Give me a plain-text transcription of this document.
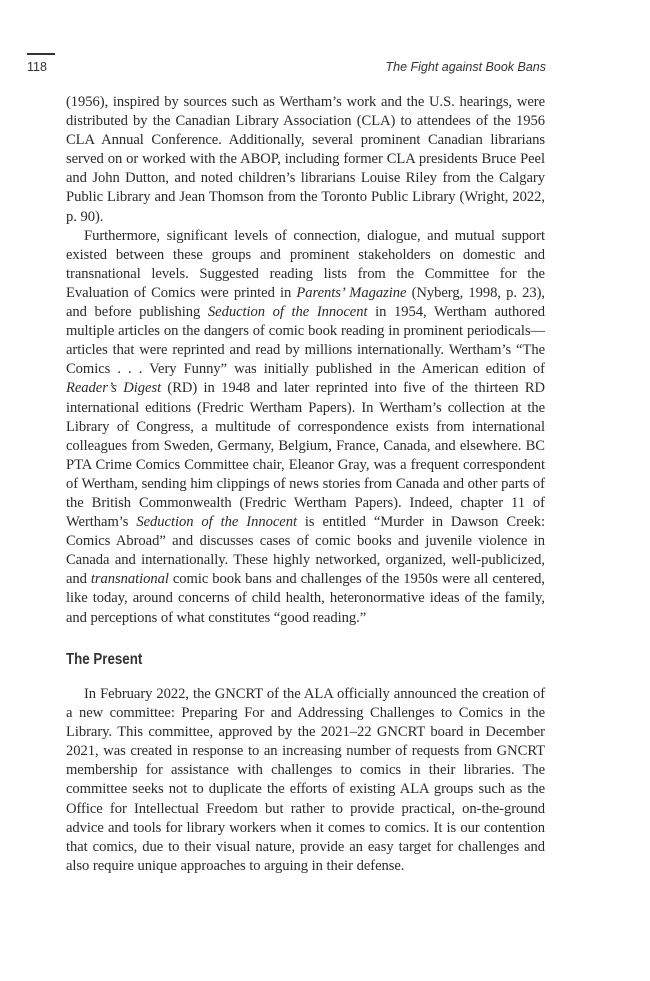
118	The Fight against Book Bans

(1956), inspired by sources such as Wertham’s work and the U.S. hearings, were distributed by the Canadian Library Association (CLA) to attendees of the 1956 CLA Annual Conference. Additionally, several prominent Canadian librarians served on or worked with the ABOP, including former CLA presidents Bruce Peel and John Dutton, and noted children’s librarians Louise Riley from the Calgary Public Library and Jean Thomson from the Toronto Public Library (Wright, 2022, p. 90).

Furthermore, significant levels of connection, dialogue, and mutual support existed between these groups and prominent stakeholders on domestic and transnational levels. Suggested reading lists from the Committee for the Evaluation of Comics were printed in Parents’ Magazine (Nyberg, 1998, p. 23), and before publishing Seduction of the Innocent in 1954, Wertham authored multiple articles on the dangers of comic book reading in prominent periodicals—articles that were reprinted and read by millions internationally. Wertham’s “The Comics . . . Very Funny” was initially published in the American edition of Reader’s Digest (RD) in 1948 and later reprinted into five of the thirteen RD international editions (Fredric Wertham Papers). In Wertham’s collection at the Library of Congress, a multitude of correspondence exists from international colleagues from Sweden, Germany, Belgium, France, Canada, and elsewhere. BC PTA Crime Comics Committee chair, Eleanor Gray, was a frequent correspondent of Wertham, sending him clippings of news stories from Canada and other parts of the British Commonwealth (Fredric Wertham Papers). Indeed, chapter 11 of Wertham’s Seduction of the Innocent is entitled “Murder in Dawson Creek: Comics Abroad” and discusses cases of comic books and juvenile violence in Canada and internationally. These highly networked, organized, well-publicized, and transnational comic book bans and challenges of the 1950s were all centered, like today, around concerns of child health, heteronormative ideas of the family, and perceptions of what constitutes “good reading.”

The Present

In February 2022, the GNCRT of the ALA officially announced the creation of a new committee: Preparing For and Addressing Challenges to Comics in the Library. This committee, approved by the 2021–22 GNCRT board in December 2021, was created in response to an increasing number of requests from GNCRT membership for assistance with challenges to comics in their libraries. The committee seeks not to duplicate the efforts of existing ALA groups such as the Office for Intellectual Freedom but rather to provide practical, on-the-ground advice and tools for library workers when it comes to comics. It is our contention that comics, due to their visual nature, provide an easy target for challenges and also require unique approaches to arguing in their defense.
